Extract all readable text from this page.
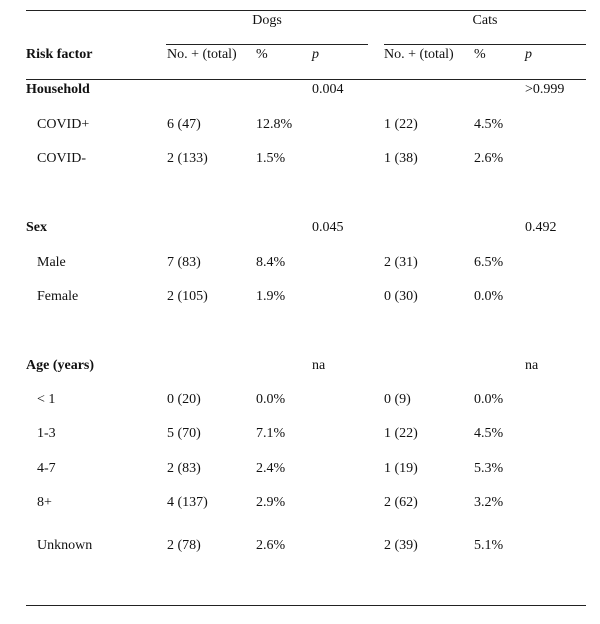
Dogs	Cats
Risk factor	No. + (total) %	p	No. + (total) %	p
Household	0.004	>0.999
COVID+	6 (47)	12.8%	1 (22)	4.5%
COVID-	2 (133)	1.5%	1 (38)	2.6%
Sex	0.045	0.492
Male	7 (83)	8.4%	2 (31)	6.5%
Female	2 (105)	1.9%	0 (30)	0.0%
Age (years)	na	na
< 1	0 (20)	0.0%	0 (9)	0.0%
1-3	5 (70)	7.1%	1 (22)	4.5%
4-7	2 (83)	2.4%	1 (19)	5.3%
8+	4 (137)	2.9%	2 (62)	3.2%
Unknown	2 (78)	2.6%	2 (39)	5.1%
